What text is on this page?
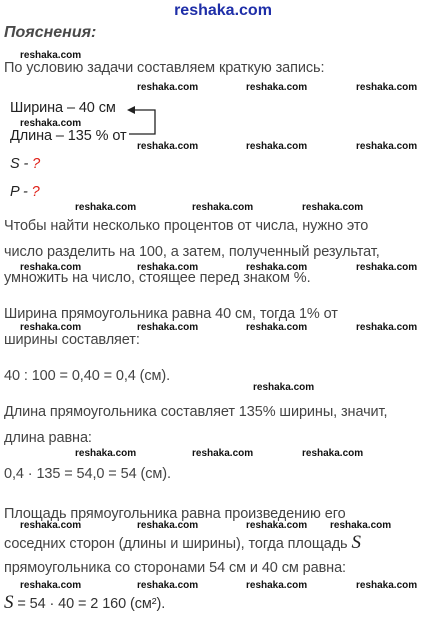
reshaka.com
Пояснения:
reshaka.com
По условию задачи составляем краткую запись:
reshaka.com	reshaka.com	reshaka.com
Ширина – 40 см
reshaka.com
Длина – 135 % от
reshaka.com	reshaka.com	reshaka.com
S - ?
P - ?
reshaka.com	reshaka.com	reshaka.com
Чтобы найти несколько процентов от числа, нужно это
число разделить на 100, а затем, полученный результат,
reshaka.com	reshaka.com	reshaka.com	reshaka.com
умножить на число, стоящее перед знаком %.
Ширина прямоугольника равна 40 см, тогда 1% от
reshaka.com	reshaka.com	reshaka.com	reshaka.com
ширины составляет:
40 : 100 = 0,40 = 0,4 (см).
reshaka.com
Длина прямоугольника составляет 135% ширины, значит,
длина равна:
reshaka.com	reshaka.com	reshaka.com
0,4 · 135 = 54,0 = 54 (см).
Площадь прямоугольника равна произведению его
reshaka.com	reshaka.com	reshaka.com reshaka.com
соседних сторон (длины и ширины), тогда площадь S
прямоугольника со сторонами 54 см и 40 см равна:
reshaka.com	reshaka.com	reshaka.com	reshaka.com
S = 54 · 40 = 2 160 (см²).
